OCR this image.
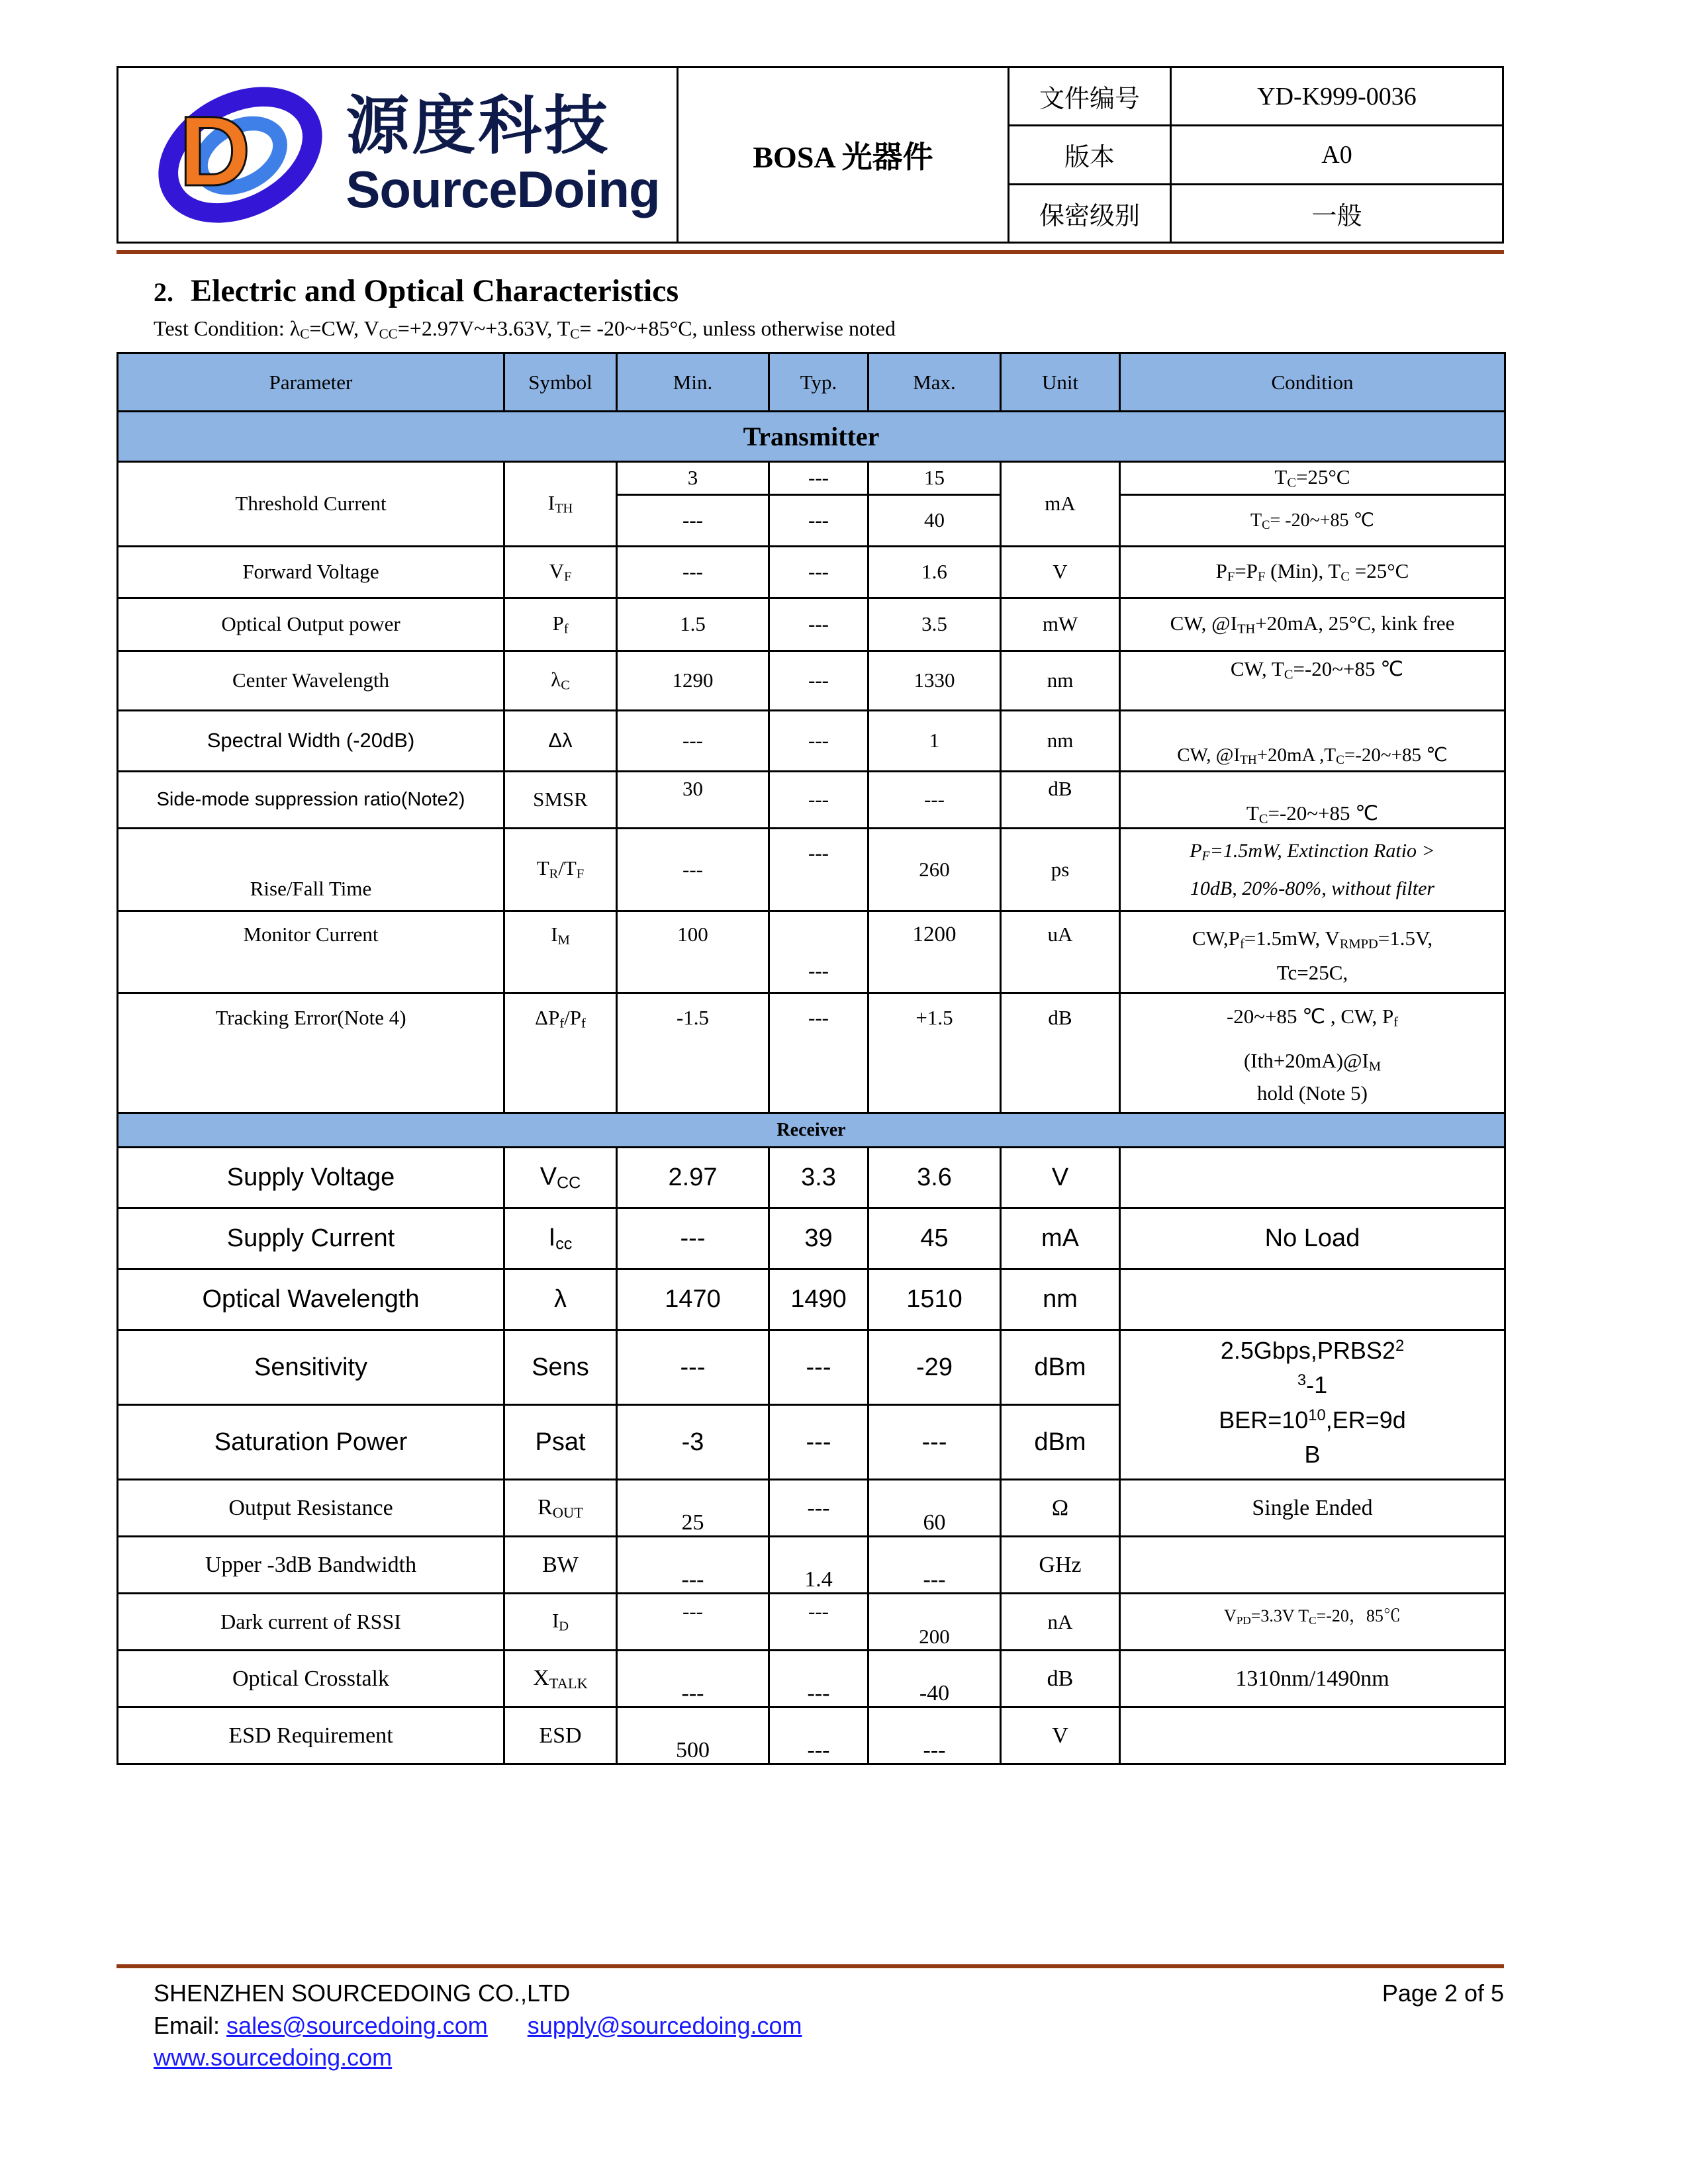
D 源度科技
SourceDoing
BOSA 光器件
文件编号	YD-K999-0036
版本	A0
保密级别	一般
2. Electric and Optical Characteristics
Test Condition: $\lambda_C=CW$, $V_{CC}=+2.97V\sim+3.63V$, $T_C=$ -20~+85°C, unless otherwise noted
Parameter	Symbol	Min.	Typ.	Max.	Unit	Condition
Transmitter						
Threshold Current	$I_{TH}$	3	---	15	mA	$T_C=25^\circ C$
		---	---	40		$T_C=$ -20~+85 ℃
Forward Voltage	$V_F$	---	---	1.6	V	$P_F=P_F$ (Min), $T_C =25^\circ C$
Optical Output power	$P_f$	1.5	---	3.5	mW	CW, $@I_{TH}+20mA$, 25°C, kink free
Center Wavelength	$\lambda_C$	1290	---	1330	nm	CW, $T_C=-20\sim+85$ ℃
Spectral Width (-20dB)	Δλ	---	---	1	nm	CW, $@I_{TH}+20mA$ $,T_C=-20\sim+85$ ℃
Side-mode suppression ratio(Note2)	SMSR	30	---	---	dB	$T_C=-20\sim+85$ ℃
Rise/Fall Time	$T_R/T_F$	---	---	260	ps	$P_F=1.5mW$, Extinction Ratio >
10dB, 20%-80%, without filter

Monitor Current	$I_M$	100	---	1200	uA	$CW,P_f=1.5mW$, $V_{RMPD}=1.5V$,
Tc=25C,

Tracking Error(Note 4)	$\Delta P_f/P_f$	-1.5	---	+1.5	dB	-20~+85 ℃ , CW, $P_f$
$(Ith+20mA)@I_M$
hold (Note 5)

Receiver						
Supply Voltage	$V_{CC}$	2.97	3.3	3.6	V	
Supply Current	$I_{cc}$	---	39	45	mA	No Load
Optical Wavelength	λ	1470	1490	1510	nm	
Sensitivity	Sens	---	---	-29	dBm	$2.5Gbps,PRBS2^2$
$^3$-1
$BER=10^{10},ER=9d$
B

Saturation Power	Psat	-3	---	---	dBm	
Output Resistance	$R_{OUT}$	25	---	60	Ω	Single Ended
Upper -3dB Bandwidth	BW	---	1.4	---	GHz	
Dark current of RSSI	$I_D$	---	---	200	nA	$V_{PD}=3.3V$ $T_C=-20$，85℃
Optical Crosstalk	$X_{TALK}$	---	---	-40	dB	1310nm/1490nm
ESD Requirement	ESD	500	---	---	V	
SHENZHEN SOURCEDOING CO.,LTD	Page 2 of 5
Email: sales@sourcedoing.com supply@sourcedoing.com
www.sourcedoing.com
